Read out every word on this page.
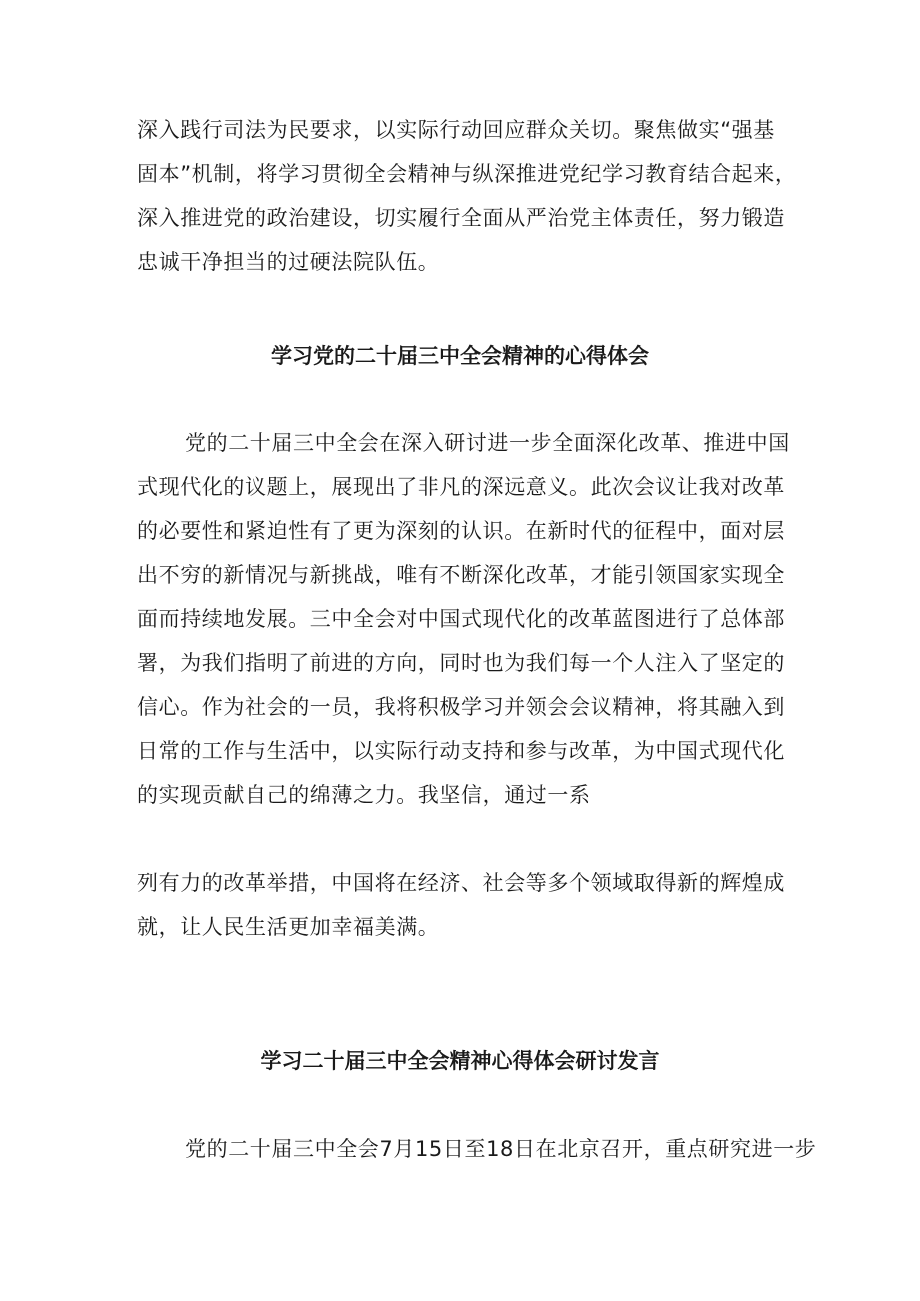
深入践行司法为民要求，以实际行动回应群众关切。聚焦做实“强基
固本”机制，将学习贯彻全会精神与纵深推进党纪学习教育结合起来，
深入推进党的政治建设，切实履行全面从严治党主体责任，努力锻造
忠诚干净担当的过硬法院队伍。
学习党的二十届三中全会精神的心得体会
党的二十届三中全会在深入研讨进一步全面深化改革、推进中国
式现代化的议题上，展现出了非凡的深远意义。此次会议让我对改革
的必要性和紧迫性有了更为深刻的认识。在新时代的征程中，面对层
出不穷的新情况与新挑战，唯有不断深化改革，才能引领国家实现全
面而持续地发展。三中全会对中国式现代化的改革蓝图进行了总体部
署，为我们指明了前进的方向，同时也为我们每一个人注入了坚定的
信心。作为社会的一员，我将积极学习并领会会议精神，将其融入到
日常的工作与生活中，以实际行动支持和参与改革，为中国式现代化
的实现贡献自己的绵薄之力。我坚信，通过一系
列有力的改革举措，中国将在经济、社会等多个领域取得新的辉煌成
就，让人民生活更加幸福美满。
学习二十届三中全会精神心得体会研讨发言
党的二十届三中全会7月15日至18日在北京召开，重点研究进一步
